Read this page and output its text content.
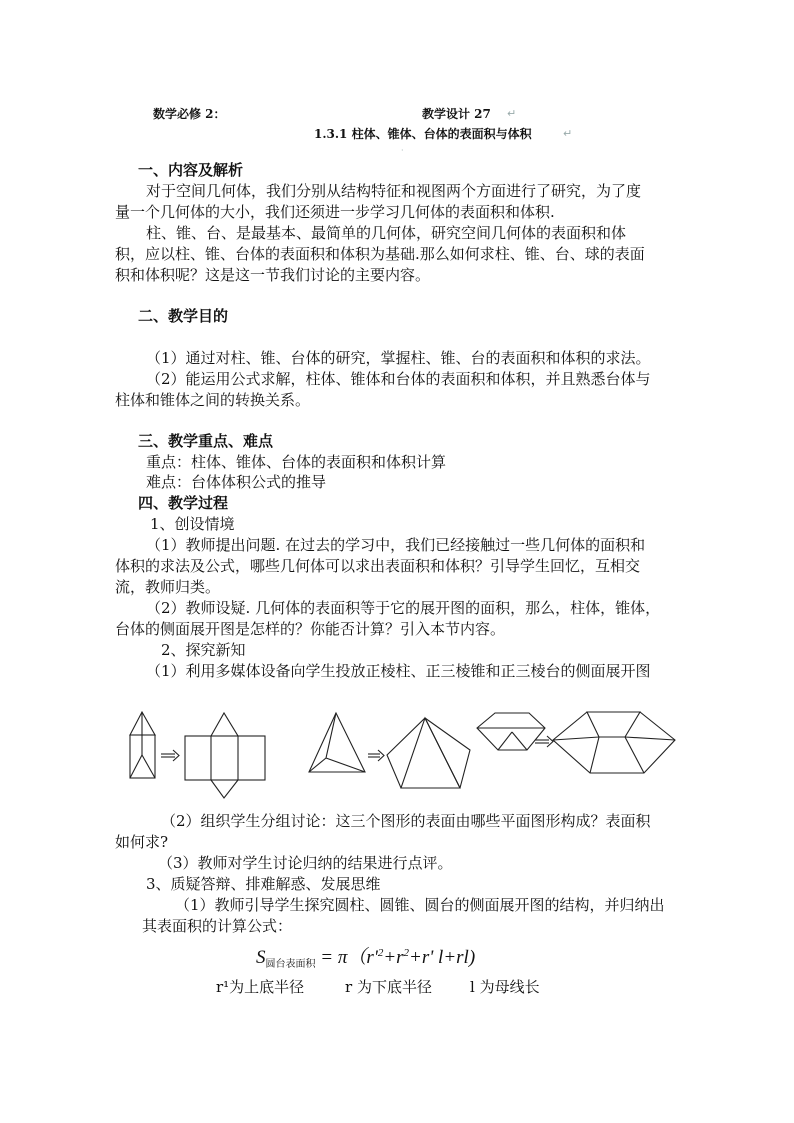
数学必修 2：	教学设计 27 ↵
1.3.1 柱体、锥体、台体的表面积与体积	↵
·
一、内容及解析
对于空间几何体，我们分别从结构特征和视图两个方面进行了研究，为了度
量一个几何体的大小，我们还须进一步学习几何体的表面积和体积.
柱、锥、台、是最基本、最简单的几何体，研究空间几何体的表面积和体
积，应以柱、锥、台体的表面积和体积为基础.那么如何求柱、锥、台、球的表面
积和体积呢？这是这一节我们讨论的主要内容。
二、教学目的
（1）通过对柱、锥、台体的研究，掌握柱、锥、台的表面积和体积的求法。
（2）能运用公式求解，柱体、锥体和台体的表面积和体积，并且熟悉台体与
柱体和锥体之间的转换关系。
三、教学重点、难点
重点：柱体、锥体、台体的表面积和体积计算
难点：台体体积公式的推导
四、教学过程
1、创设情境
（1）教师提出问题. 在过去的学习中，我们已经接触过一些几何体的面积和
体积的求法及公式，哪些几何体可以求出表面积和体积？引导学生回忆，互相交
流，教师归类。
（2）教师设疑. 几何体的表面积等于它的展开图的面积，那么，柱体，锥体，
台体的侧面展开图是怎样的？你能否计算？引入本节内容。
2、探究新知
（1）利用多媒体设备向学生投放正棱柱、正三棱锥和正三棱台的侧面展开图
（2）组织学生分组讨论：这三个图形的表面由哪些平面图形构成？表面积
如何求?
（3）教师对学生讨论归纳的结果进行点评。
3、质疑答辩、排难解惑、发展思维
（1）教师引导学生探究圆柱、圆锥、圆台的侧面展开图的结构，并归纳出
其表面积的计算公式：
$S_{圆台表面积} = \pi(r'^2+r^2+r'$ l+rl)
r¹为上底半径	r 为下底半径	l 为母线长
